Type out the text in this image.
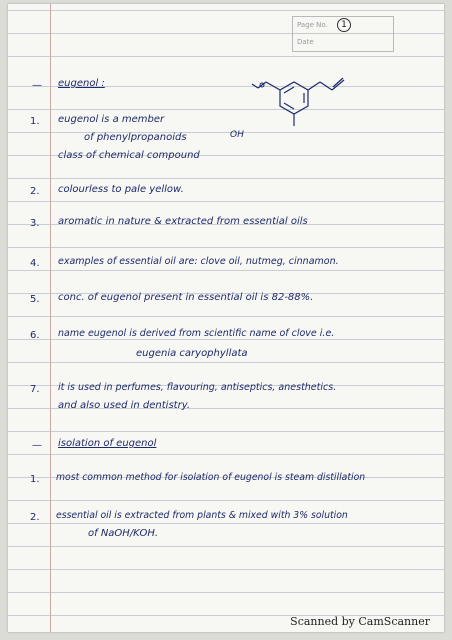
Page No.	1
Date
— eugenol :
OH
1. eugenol is a member
of phenylpropanoids
class of chemical compound
2. colourless to pale yellow.
3. aromatic in nature & extracted from essential oils
4. examples of essential oil are: clove oil, nutmeg, cinnamon.
5. conc. of eugenol present in essential oil is 82-88%.
6. name eugenol is derived from scientific name of clove i.e.
eugenia caryophyllata
7. it is used in perfumes, flavouring, antiseptics, anesthetics.
and also used in dentistry.
— isolation of eugenol
1. most common method for isolation of eugenol is steam distillation
2. essential oil is extracted from plants & mixed with 3% solution
of NaOH/KOH.
Scanned by CamScanner
